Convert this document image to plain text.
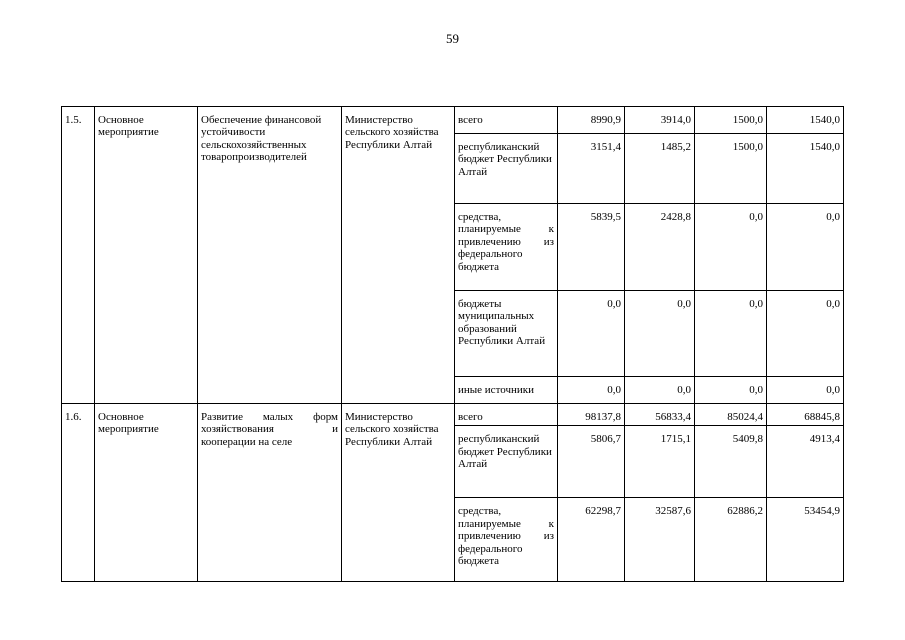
59
1.5.	Основное мероприятие	Обеспечение финансовой устойчивости сельскохозяйственных товаропроизводителей	Министерство сельского хозяйства Республики Алтай	всего	8990,9	3914,0	1500,0	1540,0
				республиканский бюджет Республики Алтай	3151,4	1485,2	1500,0	1540,0
				средства, планируемые к привлечению из федерального бюджета	5839,5	2428,8	0,0	0,0
				бюджеты муниципальных образований Республики Алтай	0,0	0,0	0,0	0,0
				иные источники	0,0	0,0	0,0	0,0
1.6.	Основное мероприятие	Развитие малых форм хозяйствования и кооперации на селе	Министерство сельского хозяйства Республики Алтай	всего	98137,8	56833,4	85024,4	68845,8
				республиканский бюджет Республики Алтай	5806,7	1715,1	5409,8	4913,4
				средства, планируемые к привлечению из федерального бюджета	62298,7	32587,6	62886,2	53454,9
